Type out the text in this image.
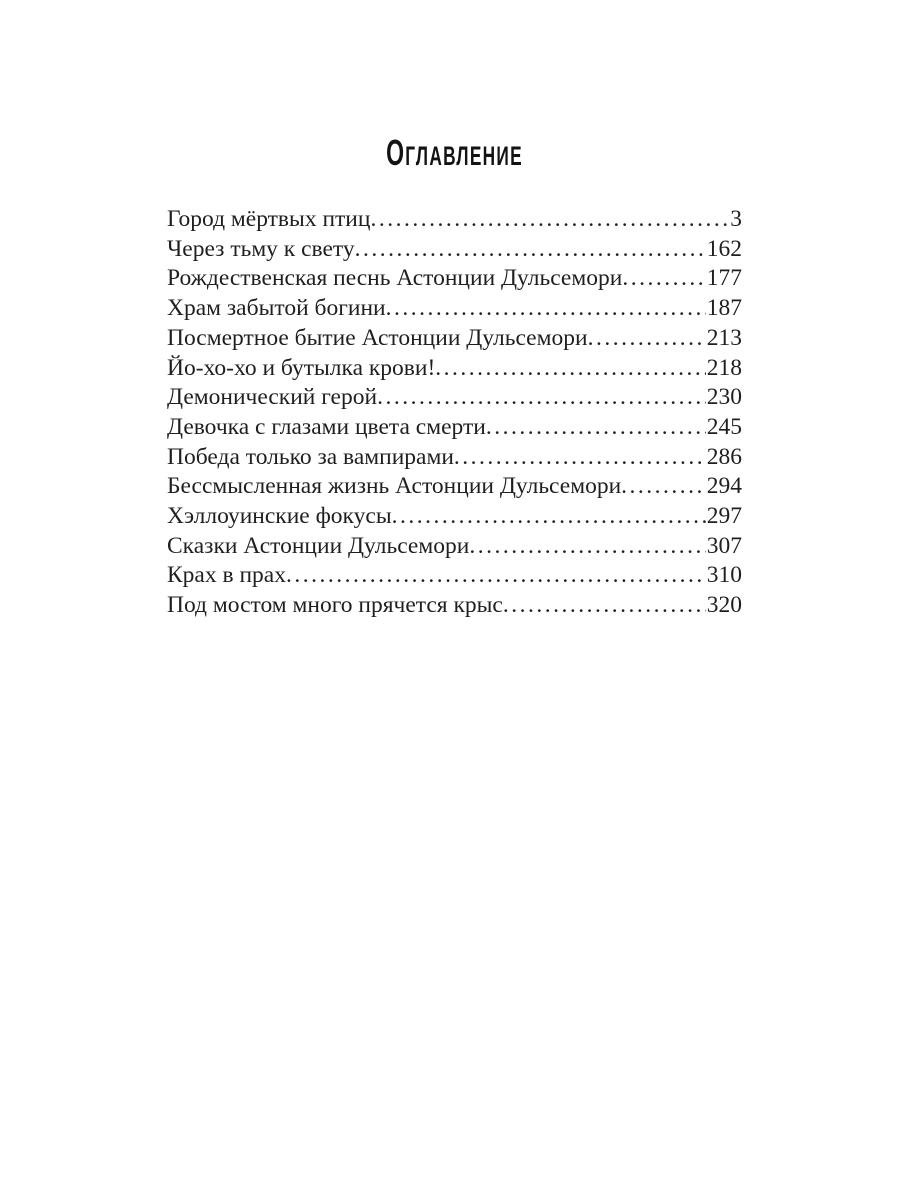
ОГЛАВЛЕНИЕ
Город мёртвых птиц .....	3
Через тьму к свету .....	162
Рождественская песнь Астонции Дульсемори .....	177
Храм забытой богини .....	187
Посмертное бытие Астонции Дульсемори .....	213
Йо-хо-хо и бутылка крови! .....	218
Демонический герой .....	230
Девочка с глазами цвета смерти .....	245
Победа только за вампирами .....	286
Бессмысленная жизнь Астонции Дульсемори .....	294
Хэллоуинские фокусы .....	297
Сказки Астонции Дульсемори .....	307
Крах в прах .....	310
Под мостом много прячется крыс .....	320
